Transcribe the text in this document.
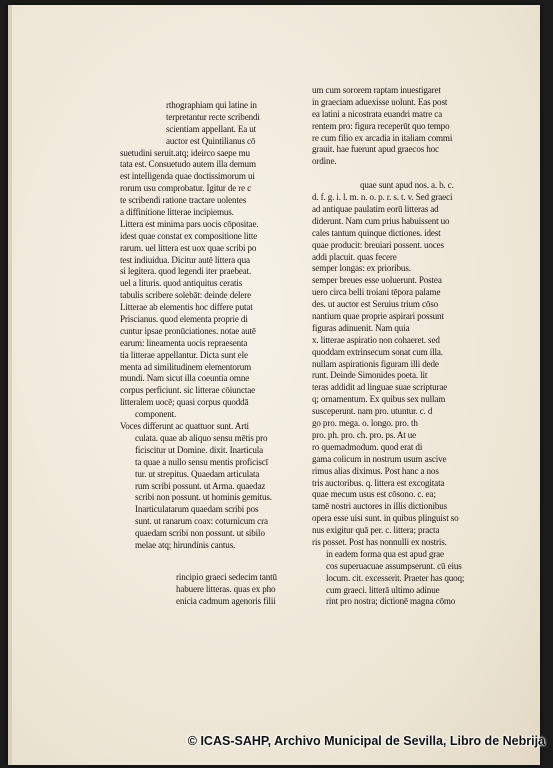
rthographiam qui latine in
terpretantur recte scribendi
scientiam appellant. Ea ut
auctor est Quintilianus cō
suetudini seruit.atq; ideirco saepe mu
tata est. Consuetudo autem illa demum
est intelligenda quae doctissimorum ui
rorum usu comprobatur. Igitur de re c
te scribendi ratione tractare uolentes
a diffinitione litterae incipiemus.
Littera est minima pars uocis cōpositae.
idest quae constat ex compositione litte
rarum. uel littera est uox quae scribi po
test indiuidua. Dicitur autē littera qua
si legitera. quod legendi iter praebeat.
uel a lituris. quod antiquitus ceratis
tabulis scribere solebāt: deinde delere
Litterae ab elementis hoc differe putat
Priscianus. quod elementa proprie di
cuntur ipsae pronūciationes. notae autē
earum: lineamenta uocis repraesenta
tia litterae appellantur. Dicta sunt ele
menta ad similitudinem elementorum
mundi. Nam sicut illa coeuntia omne
corpus perficiunt. sic litterae cōiunctae
litteralem uocē; quasi corpus quoddā
component.
Voces differunt ac quattuor sunt. Arti
culata. quae ab aliquo sensu mētis pro
ficiscitur ut Domine. dixit. Inarticula
ta quae a nullo sensu mentis proficiscī
tur. ut strepitus. Quaedam articulata
rum scribi possunt. ut Arma. quaedaz
scribi non possunt. ut hominis gemitus.
Inarticulatarum quaedam scribi pos
sunt. ut ranarum coax: coturnicum cra
quaedam scribi non possunt. ut sibilo
melae atq; hirundinis cantus.
rincipio graeci sedecim tantū
habuere litteras. quas ex pho
enicia cadmum agenoris filii
um cum sororem raptam inuestigaret
in graeciam aduexisse uolunt. Eas post
ea latini a nicostrata euandri matre ca
rentem pro: figura receperūt quo tempo
re cum filio ex arcadia in italiam commi
grauit. hae fuerunt apud graecos hoc
ordine.
quae sunt apud nos. a. b. c.
d. f. g. i. l. m. n. o. p. r. s. t. v. Sed graeci
ad antiquae paulatim eorū litteras ad
diderunt. Nam cum prius habuissent uo
cales tantum quinque dictiones. idest
quae producit: breuiari possent. uoces
addi placuit. quas fecere
semper longas: ex prioribus.
semper breues esse uoluerunt. Postea
uero circa belli troiani tēpora palame
des. ut auctor est Seruius trium cōso
nantium quae proprie aspirari possunt
figuras adinuenit. Nam quia
x. litterae aspiratio non cohaeret. sed
quoddam extrinsecum sonat cum illa.
nullam aspirationis figuram illi dede
runt. Deinde Simonides poeta. lit
teras addidit ad linguae suae scripturae
q; ornamentum. Ex quibus sex nullam
susceperunt. nam pro. utuntur. c. d
go pro. mega. o. longo. pro. th
pro. ph. pro. ch. pro. ps. At ue
ro quemadmodum. quod erat di
gama colicum in nostrum usum ascive
rimus alias diximus. Post hanc a nos
tris auctoribus. q. littera est excogitata
quae mecum usus est cōsono. c. ea;
tamē nostri auctores in illis dictionibus
opera esse uisi sunt. in quibus plinguist so
nus exigitur quā per. c. littera; practa
ris posset. Post has nonnulli ex nostris.
in eadem forma qua est apud grae
cos superuacuae assumpserunt. cū eius
locum. cit. excesserit. Praeter has quoq;
cum graeci. litterā ultimo adinue
rint pro nostra; dictionē magna cōmo
© ICAS-SAHP, Archivo Municipal de Sevilla, Libro de Nebrija
